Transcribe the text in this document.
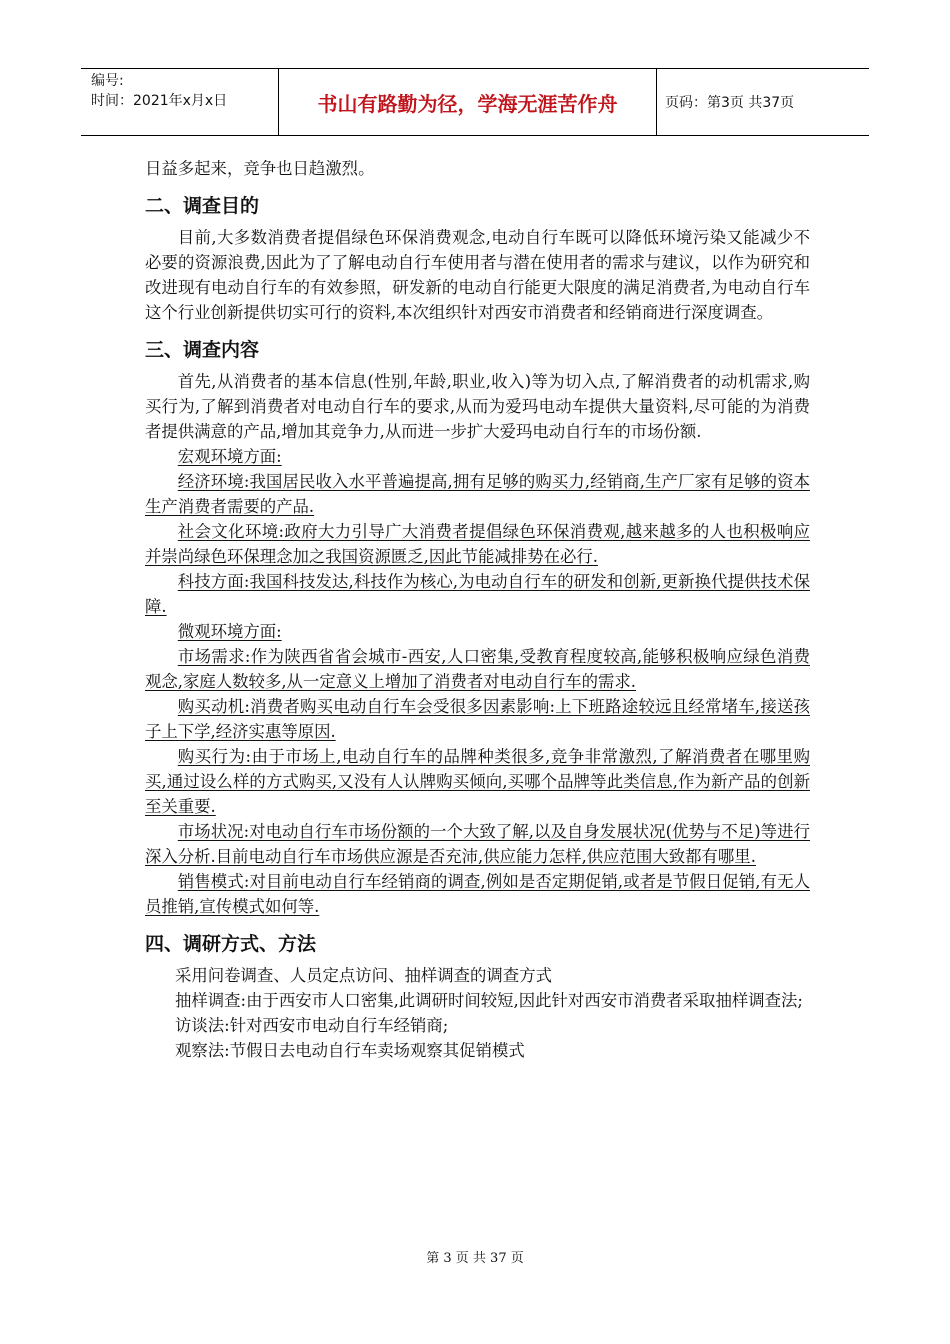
编号:
时间：2021年x月x日	书山有路勤为径，学海无涯苦作舟	页码：第3页 共37页

日益多起来，竞争也日趋激烈。

二、调查目的

目前,大多数消费者提倡绿色环保消费观念,电动自行车既可以降低环境污染又能减少不必要的资源浪费,因此为了了解电动自行车使用者与潜在使用者的需求与建议，以作为研究和改进现有电动自行车的有效参照，研发新的电动自行能更大限度的满足消费者,为电动自行车这个行业创新提供切实可行的资料,本次组织针对西安市消费者和经销商进行深度调查。

三、调查内容

首先,从消费者的基本信息(性别,年龄,职业,收入)等为切入点,了解消费者的动机需求,购买行为,了解到消费者对电动自行车的要求,从而为爱玛电动车提供大量资料,尽可能的为消费者提供满意的产品,增加其竞争力,从而进一步扩大爱玛电动自行车的市场份额.

宏观环境方面:

经济环境:我国居民收入水平普遍提高,拥有足够的购买力,经销商,生产厂家有足够的资本生产消费者需要的产品.

社会文化环境:政府大力引导广大消费者提倡绿色环保消费观,越来越多的人也积极响应并崇尚绿色环保理念加之我国资源匮乏,因此节能减排势在必行.

科技方面:我国科技发达,科技作为核心,为电动自行车的研发和创新,更新换代提供技术保障.

微观环境方面:

市场需求:作为陕西省省会城市-西安,人口密集,受教育程度较高,能够积极响应绿色消费观念,家庭人数较多,从一定意义上增加了消费者对电动自行车的需求.

购买动机:消费者购买电动自行车会受很多因素影响:上下班路途较远且经常堵车,接送孩子上下学,经济实惠等原因.

购买行为:由于市场上,电动自行车的品牌种类很多,竞争非常激烈,了解消费者在哪里购买,通过设么样的方式购买,又没有人认牌购买倾向,买哪个品牌等此类信息,作为新产品的创新至关重要.

市场状况:对电动自行车市场份额的一个大致了解,以及自身发展状况(优势与不足)等进行深入分析.目前电动自行车市场供应源是否充沛,供应能力怎样,供应范围大致都有哪里.

销售模式:对目前电动自行车经销商的调查,例如是否定期促销,或者是节假日促销,有无人员推销,宣传模式如何等.

四、调研方式、方法

采用问卷调查、人员定点访问、抽样调查的调查方式

抽样调查:由于西安市人口密集,此调研时间较短,因此针对西安市消费者采取抽样调查法;

访谈法:针对西安市电动自行车经销商;

观察法:节假日去电动自行车卖场观察其促销模式

第 3 页 共 37 页
